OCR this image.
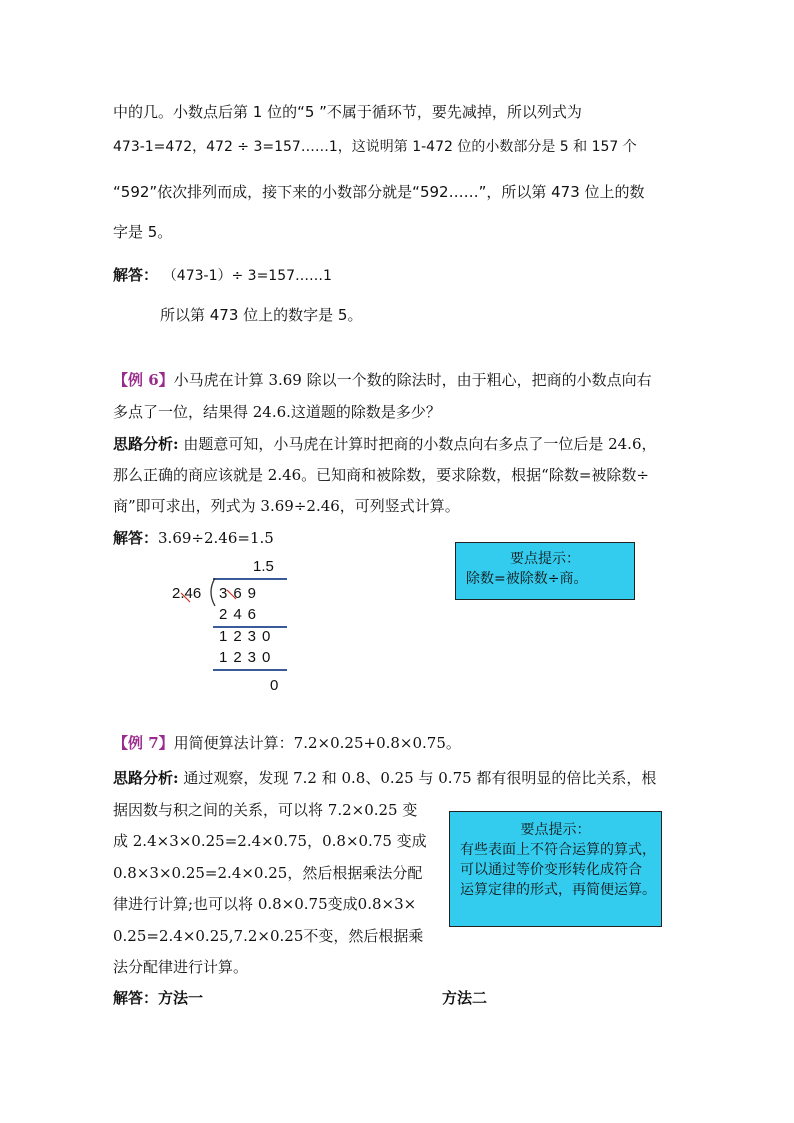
中的几。小数点后第 1 位的“5 ”不属于循环节，要先减掉，所以列式为
473-1=472，472 ÷ 3=157……1，这说明第 1-472 位的小数部分是 5 和 157 个
“592”依次排列而成，接下来的小数部分就是“592……”，所以第 473 位上的数
字是 5。
解答： （473-1）÷ 3=157……1
所以第 473 位上的数字是 5。
【例 6】小马虎在计算 3.69 除以一个数的除法时，由于粗心，把商的小数点向右
多点了一位，结果得 24.6.这道题的除数是多少？
思路分析: 由题意可知，小马虎在计算时把商的小数点向右多点了一位后是 24.6，
那么正确的商应该就是 2.46。已知商和被除数，要求除数，根据“除数=被除数÷
商”即可求出，列式为 3.69÷2.46，可列竖式计算。
解答：3.69÷2.46=1.5
1.5
2.46 369
246
1230
1230
0
要点提示：
除数=被除数÷商。
【例 7】用简便算法计算：7.2×0.25+0.8×0.75。
思路分析: 通过观察，发现 7.2 和 0.8、0.25 与 0.75 都有很明显的倍比关系，根
据因数与积之间的关系，可以将 7.2×0.25 变
成 2.4×3×0.25=2.4×0.75，0.8×0.75 变成
0.8×3×0.25=2.4×0.25，然后根据乘法分配
律进行计算;也可以将 0.8×0.75变成0.8×3×
0.25=2.4×0.25,7.2×0.25不变，然后根据乘
法分配律进行计算。
解答：方法一	方法二
要点提示：
有些表面上不符合运算的算式，
可以通过等价变形转化成符合
运算定律的形式，再简便运算。
